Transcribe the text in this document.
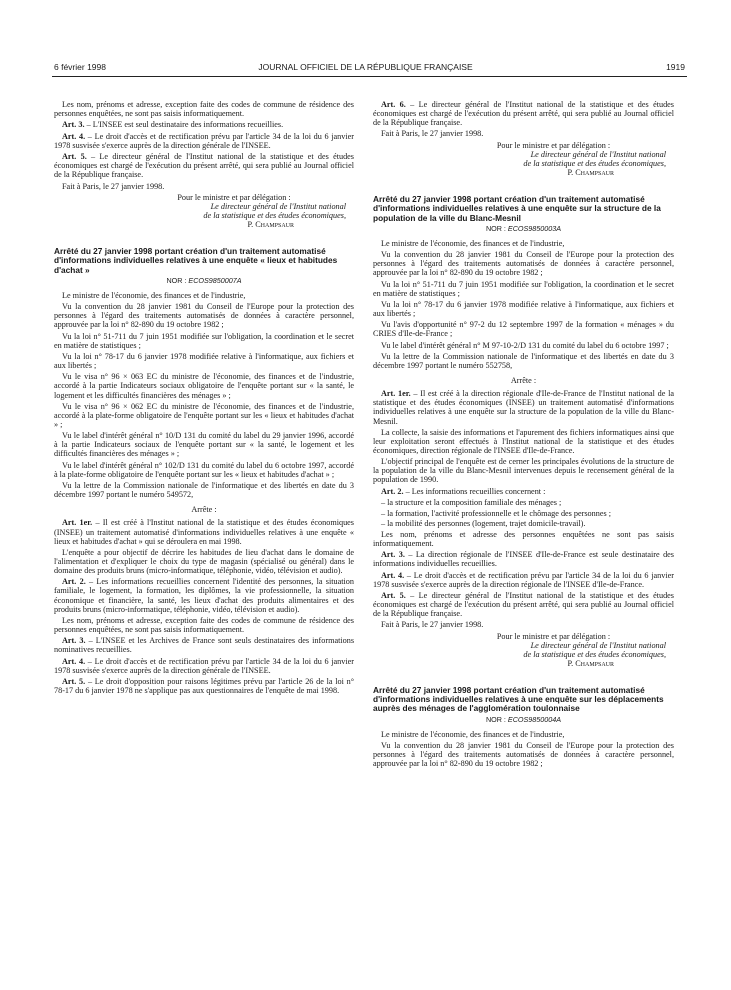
6 février 1998	JOURNAL OFFICIEL DE LA RÉPUBLIQUE FRANÇAISE	1919

Les nom, prénoms et adresse, exception faite des codes de commune de résidence des personnes enquêtées, ne sont pas saisis informatiquement.

Art. 3. – L'INSEE est seul destinataire des informations recueillies.

Art. 4. – Le droit d'accès et de rectification prévu par l'article 34 de la loi du 6 janvier 1978 susvisée s'exerce auprès de la direction générale de l'INSEE.

Art. 5. – Le directeur général de l'Institut national de la statistique et des études économiques est chargé de l'exécution du présent arrêté, qui sera publié au Journal officiel de la République française.

Fait à Paris, le 27 janvier 1998.

Pour le ministre et par délégation :

Le directeur général de l'Institut national

de la statistique et des études économiques,

P. Champsaur

Arrêté du 27 janvier 1998 portant création d'un traitement automatisé d'informations individuelles relatives à une enquête « lieux et habitudes d'achat »

NOR : ECOS9850007A

Le ministre de l'économie, des finances et de l'industrie,

Vu la convention du 28 janvier 1981 du Conseil de l'Europe pour la protection des personnes à l'égard des traitements automatisés de données à caractère personnel, approuvée par la loi n° 82-890 du 19 octobre 1982 ;

Vu la loi n° 51-711 du 7 juin 1951 modifiée sur l'obligation, la coordination et le secret en matière de statistiques ;

Vu la loi n° 78-17 du 6 janvier 1978 modifiée relative à l'informatique, aux fichiers et aux libertés ;

Vu le visa n° 96 × 063 EC du ministre de l'économie, des finances et de l'industrie, accordé à la partie Indicateurs sociaux obligatoire de l'enquête portant sur « la santé, le logement et les difficultés financières des ménages » ;

Vu le visa n° 96 × 062 EC du ministre de l'économie, des finances et de l'industrie, accordé à la plate-forme obligatoire de l'enquête portant sur les « lieux et habitudes d'achat » ;

Vu le label d'intérêt général n° 10/D 131 du comité du label du 29 janvier 1996, accordé à la partie Indicateurs sociaux de l'enquête portant sur « la santé, le logement et les difficultés financières des ménages » ;

Vu le label d'intérêt général n° 102/D 131 du comité du label du 6 octobre 1997, accordé à la plate-forme obligatoire de l'enquête portant sur les « lieux et habitudes d'achat » ;

Vu la lettre de la Commission nationale de l'informatique et des libertés en date du 3 décembre 1997 portant le numéro 549572,

Arrête :

Art. 1er. – Il est créé à l'Institut national de la statistique et des études économiques (INSEE) un traitement automatisé d'informations individuelles relatives à une enquête « lieux et habitudes d'achat » qui se déroulera en mai 1998.

L'enquête a pour objectif de décrire les habitudes de lieu d'achat dans le domaine de l'alimentation et d'expliquer le choix du type de magasin (spécialisé ou général) dans le domaine des produits bruns (micro-informatique, téléphonie, vidéo, télévision et audio).

Art. 2. – Les informations recueillies concernent l'identité des personnes, la situation familiale, le logement, la formation, les diplômes, la vie professionnelle, la situation économique et financière, la santé, les lieux d'achat des produits alimentaires et des produits bruns (micro-informatique, téléphonie, vidéo, télévision et audio).

Les nom, prénoms et adresse, exception faite des codes de commune de résidence des personnes enquêtées, ne sont pas saisis informatiquement.

Art. 3. – L'INSEE et les Archives de France sont seuls destinataires des informations nominatives recueillies.

Art. 4. – Le droit d'accès et de rectification prévu par l'article 34 de la loi du 6 janvier 1978 susvisée s'exerce auprès de la direction générale de l'INSEE.

Art. 5. – Le droit d'opposition pour raisons légitimes prévu par l'article 26 de la loi n° 78-17 du 6 janvier 1978 ne s'applique pas aux questionnaires de l'enquête de mai 1998.

Art. 6. – Le directeur général de l'Institut national de la statistique et des études économiques est chargé de l'exécution du présent arrêté, qui sera publié au Journal officiel de la République française.

Fait à Paris, le 27 janvier 1998.

Pour le ministre et par délégation :

Le directeur général de l'Institut national

de la statistique et des études économiques,

P. Champsaur

Arrêté du 27 janvier 1998 portant création d'un traitement automatisé d'informations individuelles relatives à une enquête sur la structure de la population de la ville du Blanc-Mesnil

NOR : ECOS9850003A

Le ministre de l'économie, des finances et de l'industrie,

Vu la convention du 28 janvier 1981 du Conseil de l'Europe pour la protection des personnes à l'égard des traitements automatisés de données à caractère personnel, approuvée par la loi n° 82-890 du 19 octobre 1982 ;

Vu la loi n° 51-711 du 7 juin 1951 modifiée sur l'obligation, la coordination et le secret en matière de statistiques ;

Vu la loi n° 78-17 du 6 janvier 1978 modifiée relative à l'informatique, aux fichiers et aux libertés ;

Vu l'avis d'opportunité n° 97-2 du 12 septembre 1997 de la formation « ménages » du CRIES d'Ile-de-France ;

Vu le label d'intérêt général n° M 97-10-2/D 131 du comité du label du 6 octobre 1997 ;

Vu la lettre de la Commission nationale de l'informatique et des libertés en date du 3 décembre 1997 portant le numéro 552758,

Arrête :

Art. 1er. – Il est créé à la direction régionale d'Ile-de-France de l'Institut national de la statistique et des études économiques (INSEE) un traitement automatisé d'informations individuelles relatives à une enquête sur la structure de la population de la ville du Blanc-Mesnil.

La collecte, la saisie des informations et l'apurement des fichiers informatiques ainsi que leur exploitation seront effectués à l'Institut national de la statistique et des études économiques, direction régionale de l'INSEE d'Ile-de-France.

L'objectif principal de l'enquête est de cerner les principales évolutions de la structure de la population de la ville du Blanc-Mesnil intervenues depuis le recensement général de la population de 1990.

Art. 2. – Les informations recueillies concernent :

– la structure et la composition familiale des ménages ;

– la formation, l'activité professionnelle et le chômage des personnes ;

– la mobilité des personnes (logement, trajet domicile-travail).

Les nom, prénoms et adresse des personnes enquêtées ne sont pas saisis informatiquement.

Art. 3. – La direction régionale de l'INSEE d'Ile-de-France est seule destinataire des informations individuelles recueillies.

Art. 4. – Le droit d'accès et de rectification prévu par l'article 34 de la loi du 6 janvier 1978 susvisée s'exerce auprès de la direction régionale de l'INSEE d'Ile-de-France.

Art. 5. – Le directeur général de l'Institut national de la statistique et des études économiques est chargé de l'exécution du présent arrêté, qui sera publié au Journal officiel de la République française.

Fait à Paris, le 27 janvier 1998.

Pour le ministre et par délégation :

Le directeur général de l'Institut national

de la statistique et des études économiques,

P. Champsaur

Arrêté du 27 janvier 1998 portant création d'un traitement automatisé d'informations individuelles relatives à une enquête sur les déplacements auprès des ménages de l'agglomération toulonnaise

NOR : ECOS9850004A

Le ministre de l'économie, des finances et de l'industrie,

Vu la convention du 28 janvier 1981 du Conseil de l'Europe pour la protection des personnes à l'égard des traitements automatisés de données à caractère personnel, approuvée par la loi n° 82-890 du 19 octobre 1982 ;
